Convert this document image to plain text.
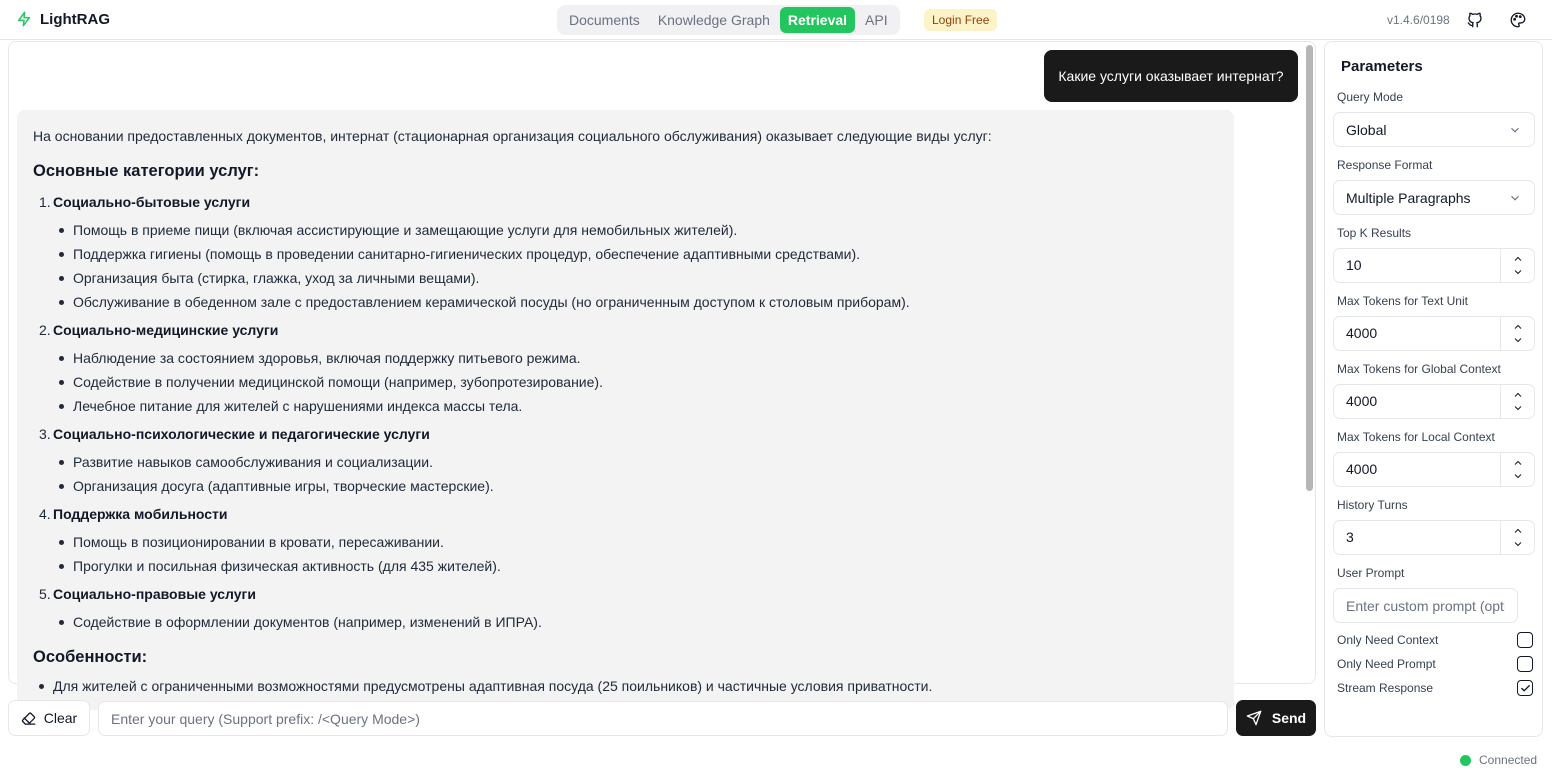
LightRAG	Documents	Knowledge Graph	Retrieval	API	Login Free	v1.4.6/0198
Какие услуги оказывает интернат?

На основании предоставленных документов, интернат (стационарная организация социального обслуживания) оказывает следующие виды услуг:

Основные категории услуг:
1. Социально-бытовые услуги
Помощь в приеме пищи (включая ассистирующие и замещающие услуги для немобильных жителей).
Поддержка гигиены (помощь в проведении санитарно-гигиенических процедур, обеспечение адаптивными средствами).
Организация быта (стирка, глажка, уход за личными вещами).
Обслуживание в обеденном зале с предоставлением керамической посуды (но ограниченным доступом к столовым приборам).
2. Социально-медицинские услуги
Наблюдение за состоянием здоровья, включая поддержку питьевого режима.
Содействие в получении медицинской помощи (например, зубопротезирование).
Лечебное питание для жителей с нарушениями индекса массы тела.
3. Социально-психологические и педагогические услуги
Развитие навыков самообслуживания и социализации.
Организация досуга (адаптивные игры, творческие мастерские).
4. Поддержка мобильности
Помощь в позиционировании в кровати, пересаживании.
Прогулки и посильная физическая активность (для 435 жителей).
5. Социально-правовые услуги
Содействие в оформлении документов (например, изменений в ИПРА).
Особенности:
Для жителей с ограниченными возможностями предусмотрены адаптивная посуда (25 поильников) и частичные условия приватности.
Clear
Enter your query (Support prefix: /<Query Mode>)	Send
Parameters
Query Mode
Global
Response Format
Multiple Paragraphs
Top K Results
10
Max Tokens for Text Unit
4000
Max Tokens for Global Context
4000
Max Tokens for Local Context
4000
History Turns
3
User Prompt
Enter custom prompt (optional)
Only Need Context
Only Need Prompt
Stream Response
Connected
